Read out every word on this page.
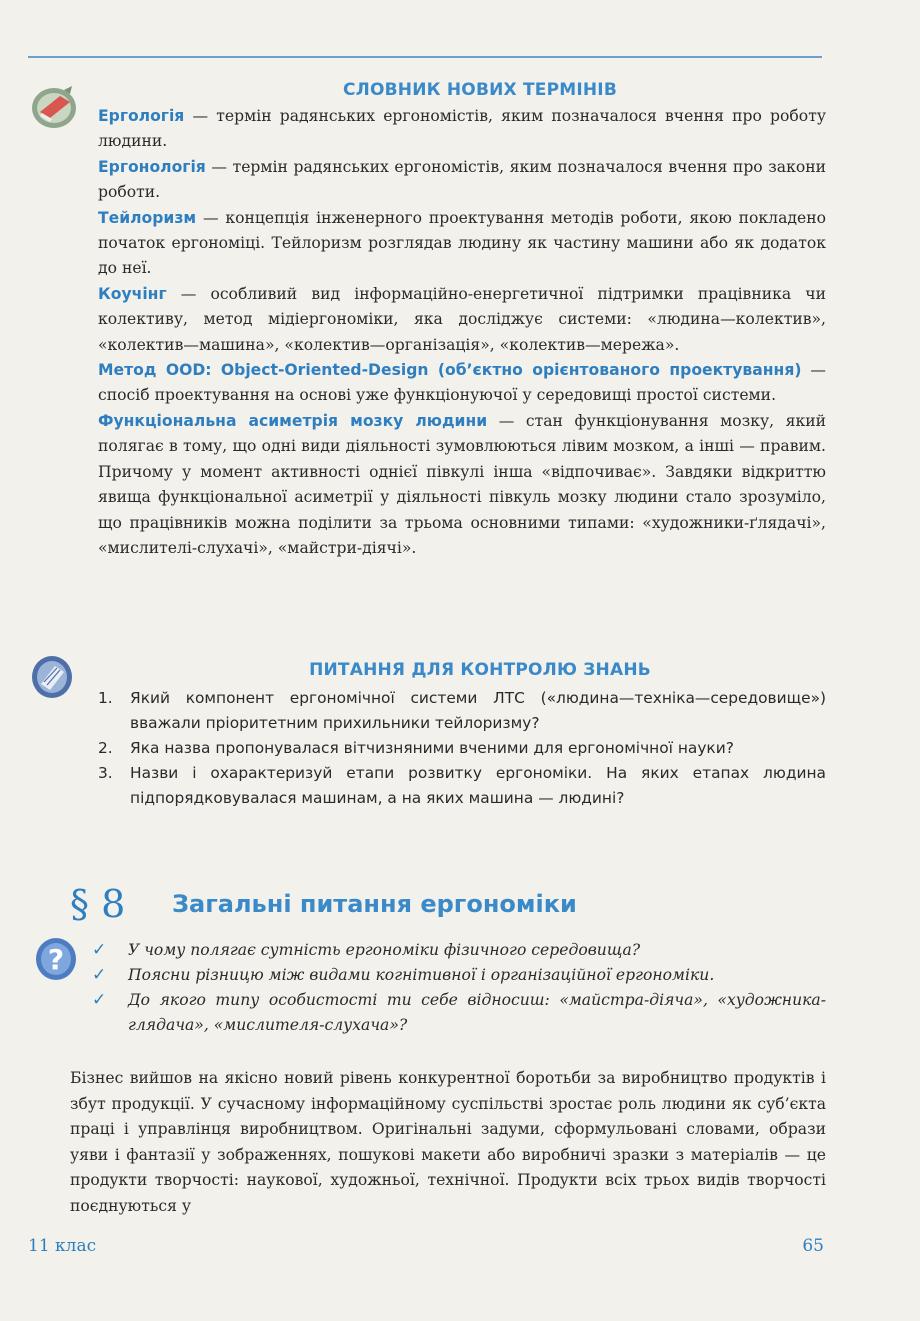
СЛОВНИК НОВИХ ТЕРМІНІВ

Ергологія — термін радянських ергономістів, яким позначалося вчення про роботу людини.

Ергонологія — термін радянських ергономістів, яким позначалося вчення про закони роботи.

Тейлоризм — концепція інженерного проектування методів роботи, якою покладено початок ергономіці. Тейлоризм розглядав людину як частину машини або як додаток до неї.

Коучінг — особливий вид інформаційно-енергетичної підтримки працівника чи колективу, метод мідіергономіки, яка досліджує системи: «людина—колектив», «колектив—машина», «колектив—організація», «колектив—мережа».

Метод OOD: Object-Oriented-Design (об’єктно орієнтованого проектування) — спосіб проектування на основі уже функціонуючої у середовищі простої системи.

Функціональна асиметрія мозку людини — стан функціонування мозку, який полягає в тому, що одні види діяльності зумовлюються лівим мозком, а інші — правим. Причому у момент активності однієї півкулі інша «відпочиває». Завдяки відкриттю явища функціональної асиметрії у діяльності півкуль мозку людини стало зрозуміло, що працівників можна поділити за трьома основними типами: «художники-ґлядачі», «мислителі-слухачі», «майстри-діячі».

ПИТАННЯ ДЛЯ КОНТРОЛЮ ЗНАНЬ
1. Який компонент ергономічної системи ЛТС («людина—техніка—середовище») вважали пріоритетним прихильники тейлоризму?
2. Яка назва пропонувалася вітчизняними вченими для ергономічної науки?
3. Назви і охарактеризуй етапи розвитку ергономіки. На яких етапах людина підпорядковувалася машинам, а на яких машина — людині?
§ 8	Загальні питання ергономіки
? ✓ У чому полягає сутність ергономіки фізичного середовища?
✓ Поясни різницю між видами когнітивної і організаційної ергономіки.
✓ До якого типу особистості ти себе відносиш: «майстра-діяча», «художника-глядача», «мислителя-слухача»?
Бізнес вийшов на якісно новий рівень конкурентної боротьби за виробництво продуктів і збут продукції. У сучасному інформаційному суспільстві зростає роль людини як суб’єкта праці і управлінця виробництвом. Оригінальні задуми, сформульовані словами, образи уяви і фантазії у зображеннях, пошукові макети або виробничі зразки з матеріалів — це продукти творчості: наукової, художньої, технічної. Продукти всіх трьох видів творчості поєднуються у
11 клас	65
